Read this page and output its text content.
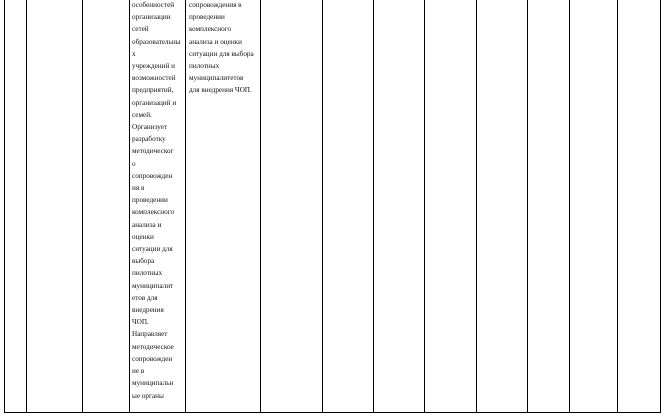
особенностей
организации
сетей
образовательны
х
учреждений и
возможностей
предприятий,
организаций и
семей.
Организует
разработку
методическог
о
сопровожден
ия в
проведении
комплексного
анализа и
оценки
ситуации для
выбора
пилотных
муниципалит
етов для
внедрения
ЧОП.
Направляет
методическое
сопровожден
ие в
муниципальн
ые органы

сопровождения в
проведении
комплексного
анализа и оценки
ситуации для выбора
пилотных
муниципалитетов
для внедрения ЧОП.
